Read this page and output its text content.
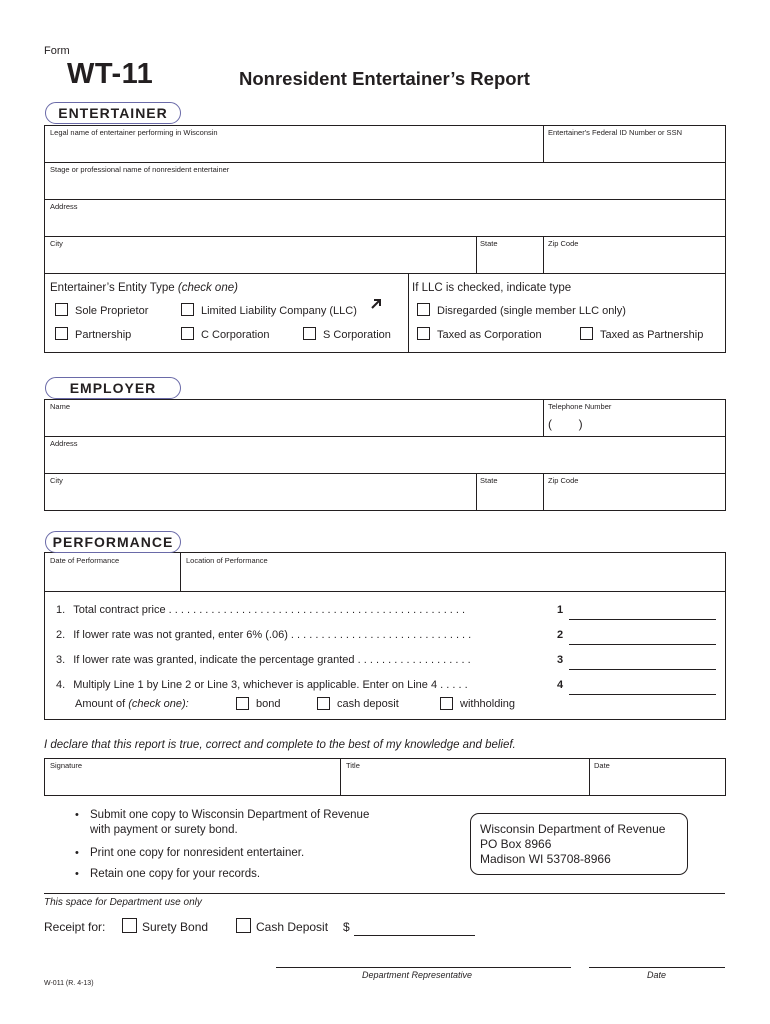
Form
WT-11	Nonresident Entertainer’s Report
ENTERTAINER
Legal name of entertainer performing in Wisconsin	Entertainer's Federal ID Number or SSN
Stage or professional name of nonresident entertainer
Address
City	State	Zip Code
Entertainer’s Entity Type (check one)
Sole Proprietor	Limited Liability Company (LLC)
Partnership	C Corporation	S Corporation
If LLC is checked, indicate type
Disregarded (single member LLC only)
Taxed as Corporation	Taxed as Partnership
EMPLOYER
Name	Telephone Number
(        )
Address
City	State	Zip Code
PERFORMANCE
Date of Performance	Location of Performance
1. Total contract price . . . . . . . . . . . . . . . . . . . . . . . . . . . . . . . . . . . . . . . . . . . . . . . . .	1
2. If lower rate was not granted, enter 6% (.06) . . . . . . . . . . . . . . . . . . . . . . . . . . . . . .	2
3. If lower rate was granted, indicate the percentage granted . . . . . . . . . . . . . . . . . . .	3
4. Multiply Line 1 by Line 2 or Line 3, whichever is applicable. Enter on Line 4 . . . . .	4
Amount of (check one):	bond	cash deposit	withholding
I declare that this report is true, correct and complete to the best of my knowledge and belief.
Signature	Title	Date
• Submit one copy to Wisconsin Department of Revenue
with payment or surety bond.
• Print one copy for nonresident entertainer.
• Retain one copy for your records.
Wisconsin Department of Revenue
PO Box 8966
Madison WI 53708-8966
This space for Department use only
Receipt for:	Surety Bond	Cash Deposit $
Department Representative	Date
W-011 (R. 4-13)
